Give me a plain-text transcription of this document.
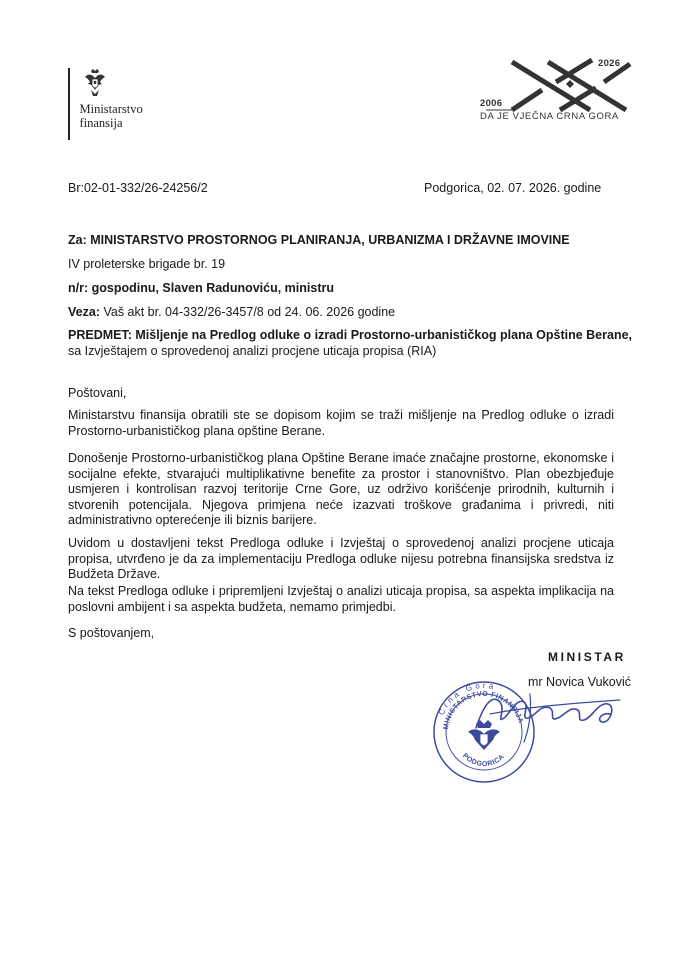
Ministarstvo
finansija
2026
2006
DA JE VJEČNA CRNA GORA
Br:02-01-332/26-24256/2	Podgorica, 02. 07. 2026. godine
Za: MINISTARSTVO PROSTORNOG PLANIRANJA, URBANIZMA I DRŽAVNE IMOVINE
IV proleterske brigade br. 19
n/r: gospodinu, Slaven Radunoviću, ministru
Veza: Vaš akt br. 04-332/26-3457/8 od 24. 06. 2026 godine
PREDMET: Mišljenje na Predlog odluke o izradi Prostorno-urbanističkog plana Opštine Berane,
sa Izvještajem o sprovedenoj analizi procjene uticaja propisa (RIA)
Poštovani,
Ministarstvu finansija obratili ste se dopisom kojim se traži mišljenje na Predlog odluke o izradi Prostorno-urbanističkog plana opštine Berane.
Donošenje Prostorno-urbanističkog plana Opštine Berane imaće značajne prostorne, ekonomske i socijalne efekte, stvarajući multiplikativne benefite za prostor i stanovništvo. Plan obezbjeđuje usmjeren i kontrolisan razvoj teritorije Crne Gore, uz održivo korišćenje prirodnih, kulturnih i stvorenih potencijala. Njegova primjena neće izazvati troškove građanima i privredi, niti administrativno opterećenje ili biznis barijere.
Uvidom u dostavljeni tekst Predloga odluke i Izvještaj o sprovedenoj analizi procjene uticaja propisa, utvrđeno je da za implementaciju Predloga odluke nijesu potrebna finansijska sredstva iz Budžeta Države.
Na tekst Predloga odluke i pripremljeni Izvještaj o analizi uticaja propisa, sa aspekta implikacija na poslovni ambijent i sa aspekta budžeta, nemamo primjedbi.
S poštovanjem,
MINISTAR
mr Novica Vuković
Crna Gora
MINISTARSTVO FINANSIJA
PODGORICA
